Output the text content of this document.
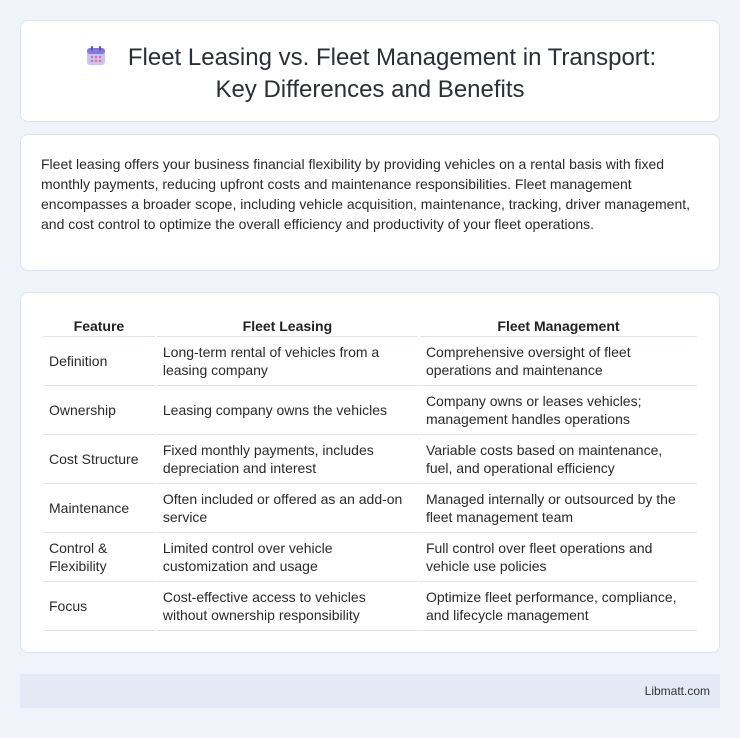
Fleet Leasing vs. Fleet Management in Transport: Key Differences and Benefits

Fleet leasing offers your business financial flexibility by providing vehicles on a rental basis with fixed monthly payments, reducing upfront costs and maintenance responsibilities. Fleet management encompasses a broader scope, including vehicle acquisition, maintenance, tracking, driver management, and cost control to optimize the overall efficiency and productivity of your fleet operations.

Feature	Fleet Leasing	Fleet Management
Definition	Long-term rental of vehicles from a leasing company	Comprehensive oversight of fleet operations and maintenance
Ownership	Leasing company owns the vehicles	Company owns or leases vehicles; management handles operations
Cost Structure	Fixed monthly payments, includes depreciation and interest	Variable costs based on maintenance, fuel, and operational efficiency
Maintenance	Often included or offered as an add-on service	Managed internally or outsourced by the fleet management team
Control & Flexibility	Limited control over vehicle customization and usage	Full control over fleet operations and vehicle use policies
Focus	Cost-effective access to vehicles without ownership responsibility	Optimize fleet performance, compliance, and lifecycle management
Libmatt.com
